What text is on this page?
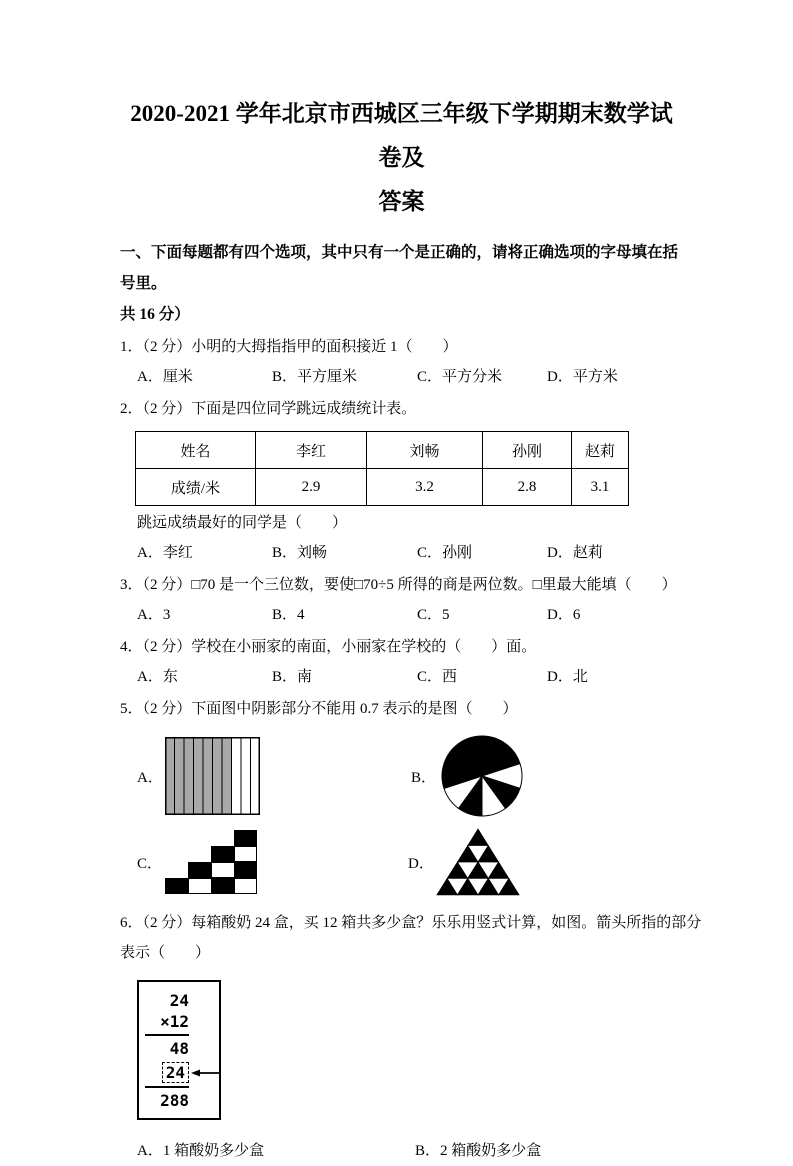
2020-2021 学年北京市西城区三年级下学期期末数学试卷及
答案
一、下面每题都有四个选项，其中只有一个是正确的，请将正确选项的字母填在括号里。
共 16 分）
1．（2 分）小明的大拇指指甲的面积接近 1（　　）
A．厘米	B．平方厘米	C．平方分米	D．平方米
2．（2 分）下面是四位同学跳远成绩统计表。
姓名	李红	刘畅	孙刚	赵莉
成绩/米	2.9	3.2	2.8	3.1
跳远成绩最好的同学是（　　）
A．李红	B．刘畅	C．孙刚	D．赵莉
3．（2 分）□70 是一个三位数，要使□70÷5 所得的商是两位数。□里最大能填（　　）
A．3	B．4	C．5	D．6
4．（2 分）学校在小丽家的南面，小丽家在学校的（　　）面。
A．东	B．南	C．西	D．北
5．（2 分）下面图中阴影部分不能用 0.7 表示的是图（　　）
A．	B．
C．	D．
6．（2 分）每箱酸奶 24 盒，买 12 箱共多少盒？乐乐用竖式计算，如图。箭头所指的部分
表示（　　）
24
×12
48
24
288
A．1 箱酸奶多少盒	B．2 箱酸奶多少盒
